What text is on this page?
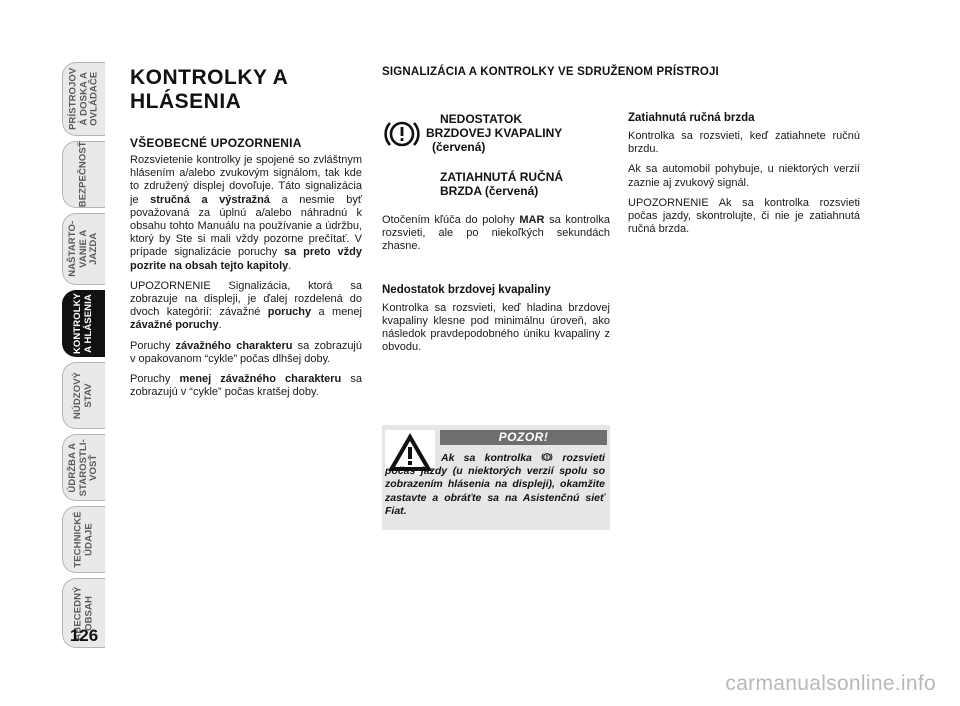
PRÍSTROJOV
Á DOSKA A
OVLÁDAČE
BEZPEČNOSŤ
NAŠTARTO-
VANIE A
JAZDA
KONTROLKY
A HLÁSENIA
NÚDZOVÝ
STAV
ÚDRŽBA A
STAROSTLI-
VOSŤ
TECHNICKÉ
ÚDAJE
ABECEDNÝ
OBSAH
126
KONTROLKY A
HLÁSENIA
VŠEOBECNÉ UPOZORNENIA

Rozsvietenie kontrolky je spojené so zvláštnym hlásením a/alebo zvukovým signálom, tak kde to združený displej dovoľuje. Táto signalizácia je stručná a výstražná a nesmie byť považovaná za úplnú a/alebo náhradnú k obsahu tohto Manuálu na používanie a údržbu, ktorý by Ste si mali vždy pozorne prečítať. V prípade signalizácie poruchy sa preto vždy pozrite na obsah tejto kapitoly.

UPOZORNENIE Signalizácia, ktorá sa zobrazuje na displeji, je ďalej rozdelená do dvoch kategórií: závažné poruchy a menej závažné poruchy.

Poruchy závažného charakteru sa zobrazujú v opakovanom “cykle” počas dlhšej doby.

Poruchy menej závažného charakteru sa zobrazujú v “cykle” počas kratšej doby.

SIGNALIZÁCIA A KONTROLKY VE SDRUŽENOM PRÍSTROJI
NEDOSTATOK
BRZDOVEJ KVAPALINY
(červená)
ZATIAHNUTÁ RUČNÁ
BRZDA (červená)

Otočením kľúča do polohy MAR sa kontrolka rozsvieti, ale po niekoľkých sekundách zhasne.

Nedostatok brzdovej kvapaliny

Kontrolka sa rozsvieti, keď hladina brzdovej kvapaliny klesne pod minimálnu úroveň, ako následok pravdepodobného úniku kvapaliny z obvodu.

Zatiahnutá ručná brzda

Kontrolka sa rozsvieti, keď zatiahnete ručnú brzdu.

Ak sa automobil pohybuje, u niektorých verzií zaznie aj zvukový signál.

UPOZORNENIE Ak sa kontrolka rozsvieti počas jazdy, skontrolujte, či nie je zatiahnutá ručná brzda.

POZOR!
Ak sa kontrolka  rozsvieti počas jazdy (u niektorých verzií spolu so zobrazením hlásenia na displeji), okamžite zastavte a obráťte sa na Asistenčnú sieť Fiat.
carmanualsonline.info
